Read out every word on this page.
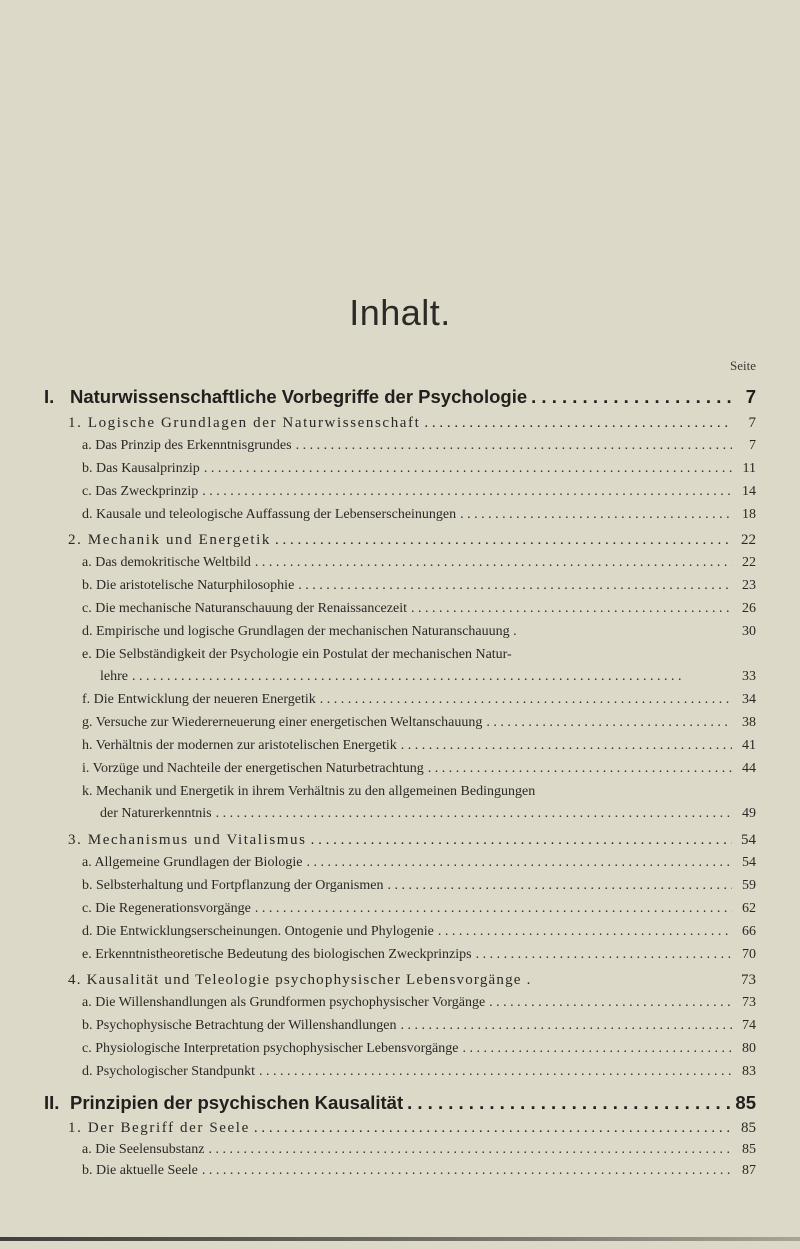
Inhalt.
Seite
I. Naturwissenschaftliche Vorbegriffe der Psychologie . . .	7
1. Logische Grundlagen der Naturwissenschaft . . .	7
a. Das Prinzip des Erkenntnisgrundes . . .	7
b. Das Kausalprinzip . . .	11
c. Das Zweckprinzip . . .	14
d. Kausale und teleologische Auffassung der Lebenserscheinungen . . .	18
2. Mechanik und Energetik . . .	22
a. Das demokritische Weltbild . . .	22
b. Die aristotelische Naturphilosophie . . .	23
c. Die mechanische Naturanschauung der Renaissancezeit . . .	26
d. Empirische und logische Grundlagen der mechanischen Naturanschauung .	30
e. Die Selbständigkeit der Psychologie ein Postulat der mechanischen Natur-
lehre . . .	33
f. Die Entwicklung der neueren Energetik . . .	34
g. Versuche zur Wiedererneuerung einer energetischen Weltanschauung . . .	38
h. Verhältnis der modernen zur aristotelischen Energetik . . .	41
i. Vorzüge und Nachteile der energetischen Naturbetrachtung . . .	44
k. Mechanik und Energetik in ihrem Verhältnis zu den allgemeinen Bedingungen
der Naturerkenntnis . . .	49
3. Mechanismus und Vitalismus . . .	54
a. Allgemeine Grundlagen der Biologie . . .	54
b. Selbsterhaltung und Fortpflanzung der Organismen . . .	59
c. Die Regenerationsvorgänge . . .	62
d. Die Entwicklungserscheinungen. Ontogenie und Phylogenie . . .	66
e. Erkenntnistheoretische Bedeutung des biologischen Zweckprinzips . . .	70
4. Kausalität und Teleologie psychophysischer Lebensvorgänge .	73
a. Die Willenshandlungen als Grundformen psychophysischer Vorgänge . . .	73
b. Psychophysische Betrachtung der Willenshandlungen . . .	74
c. Physiologische Interpretation psychophysischer Lebensvorgänge . . .	80
d. Psychologischer Standpunkt . . .	83
II. Prinzipien der psychischen Kausalität . . .	85
1. Der Begriff der Seele . . .	85
a. Die Seelensubstanz . . .	85
b. Die aktuelle Seele . . .	87
